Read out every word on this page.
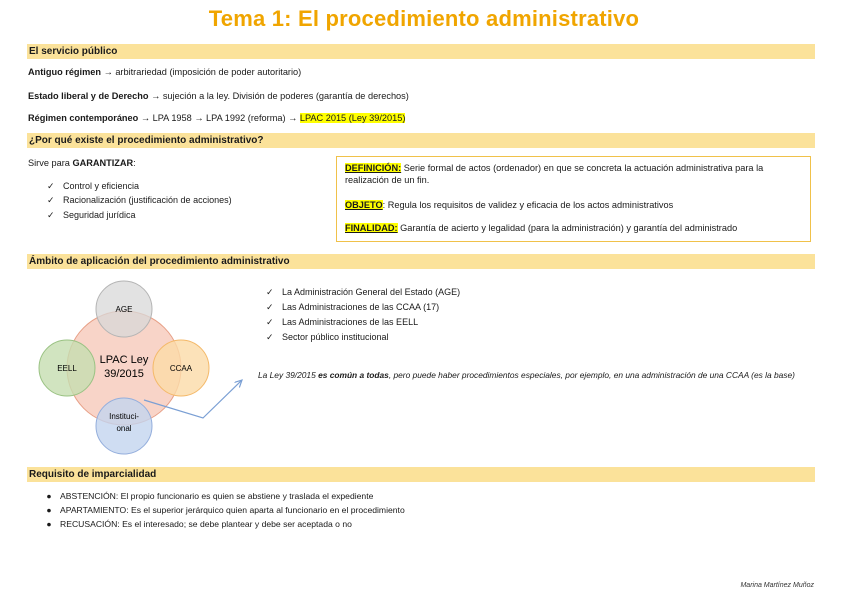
Tema 1: El procedimiento administrativo
El servicio público
Antiguo régimen → arbitrariedad (imposición de poder autoritario)
Estado liberal y de Derecho → sujeción a la ley. División de poderes (garantía de derechos)
Régimen contemporáneo → LPA 1958 → LPA 1992 (reforma) → LPAC 2015 (Ley 39/2015)
¿Por qué existe el procedimiento administrativo?
Sirve para GARANTIZAR:
✓ Control y eficiencia
✓ Racionalización (justificación de acciones)
✓ Seguridad jurídica
DEFINICIÓN: Serie formal de actos (ordenador) en que se concreta la actuación administrativa para la realización de un fin.
OBJETO: Regula los requisitos de validez y eficacia de los actos administrativos
FINALIDAD: Garantía de acierto y legalidad (para la administración) y garantía del administrado
Ámbito de aplicación del procedimiento administrativo
AGE
EELL	CCAA
LPAC Ley
39/2015
Instituci-
onal
✓ La Administración General del Estado (AGE)
✓ Las Administraciones de las CCAA (17)
✓ Las Administraciones de las EELL
✓ Sector público institucional
La Ley 39/2015 es común a todas, pero puede haber procedimientos especiales, por ejemplo, en una administración de una CCAA (es la base)
Requisito de imparcialidad
● ABSTENCIÓN: El propio funcionario es quien se abstiene y traslada el expediente
● APARTAMIENTO: Es el superior jerárquico quien aparta al funcionario en el procedimiento
● RECUSACIÓN: Es el interesado; se debe plantear y debe ser aceptada o no
Marina Martínez Muñoz
